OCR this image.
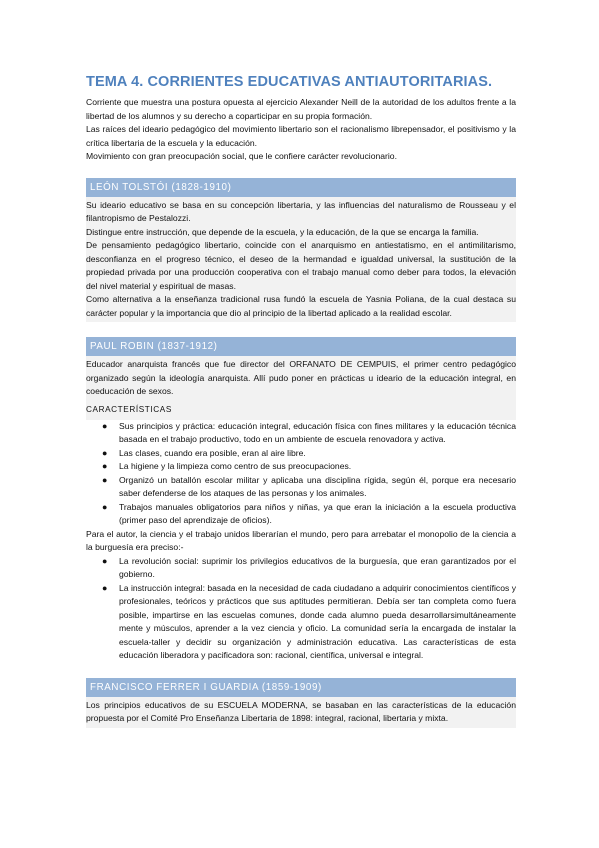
TEMA 4. CORRIENTES EDUCATIVAS ANTIAUTORITARIAS.

Corriente que muestra una postura opuesta al ejercicio Alexander Neill de la autoridad de los adultos frente a la libertad de los alumnos y su derecho a coparticipar en su propia formación.

Las raíces del ideario pedagógico del movimiento libertario son el racionalismo librepensador, el positivismo y la crítica libertaria de la escuela y la educación.

Movimiento con gran preocupación social, que le confiere carácter revolucionario.

LEÓN TOLSTÓI (1828-1910)

Su ideario educativo se basa en su concepción libertaria, y las influencias del naturalismo de Rousseau y el filantropismo de Pestalozzi.

Distingue entre instrucción, que depende de la escuela, y la educación, de la que se encarga la familia.

De pensamiento pedagógico libertario, coincide con el anarquismo en antiestatismo, en el antimilitarismo, desconfianza en el progreso técnico, el deseo de la hermandad e igualdad universal, la sustitución de la propiedad privada por una producción cooperativa con el trabajo manual como deber para todos, la elevación del nivel material y espiritual de masas.

Como alternativa a la enseñanza tradicional rusa fundó la escuela de Yasnia Poliana, de la cual destaca su carácter popular y la importancia que dio al principio de la libertad aplicado a la realidad escolar.

PAUL ROBIN (1837-1912)

Educador anarquista francés que fue director del ORFANATO DE CEMPUIS, el primer centro pedagógico organizado según la ideología anarquista. Allí pudo poner en prácticas u ideario de la educación integral, en coeducación de sexos.

CARACTERÍSTICAS
● Sus principios y práctica: educación integral, educación física con fines militares y la educación técnica basada en el trabajo productivo, todo en un ambiente de escuela renovadora y activa.
● Las clases, cuando era posible, eran al aire libre.
● La higiene y la limpieza como centro de sus preocupaciones.
● Organizó un batallón escolar militar y aplicaba una disciplina rígida, según él, porque era necesario saber defenderse de los ataques de las personas y los animales.
● Trabajos manuales obligatorios para niños y niñas, ya que eran la iniciación a la escuela productiva (primer paso del aprendizaje de oficios).

Para el autor, la ciencia y el trabajo unidos liberarían el mundo, pero para arrebatar el monopolio de la ciencia a la burguesía era preciso:-

● La revolución social: suprimir los privilegios educativos de la burguesía, que eran garantizados por el gobierno.
● La instrucción integral: basada en la necesidad de cada ciudadano a adquirir conocimientos científicos y profesionales, teóricos y prácticos que sus aptitudes permitieran. Debía ser tan completa como fuera posible, impartirse en las escuelas comunes, donde cada alumno pueda desarrollarsimultáneamente mente y músculos, aprender a la vez ciencia y oficio. La comunidad sería la encargada de instalar la escuela-taller y decidir su organización y administración educativa. Las características de esta educación liberadora y pacificadora son: racional, científica, universal e integral.
FRANCISCO FERRER I GUARDIA (1859-1909)

Los principios educativos de su ESCUELA MODERNA, se basaban en las características de la educación propuesta por el Comité Pro Enseñanza Libertaria de 1898: integral, racional, libertaria y mixta.
